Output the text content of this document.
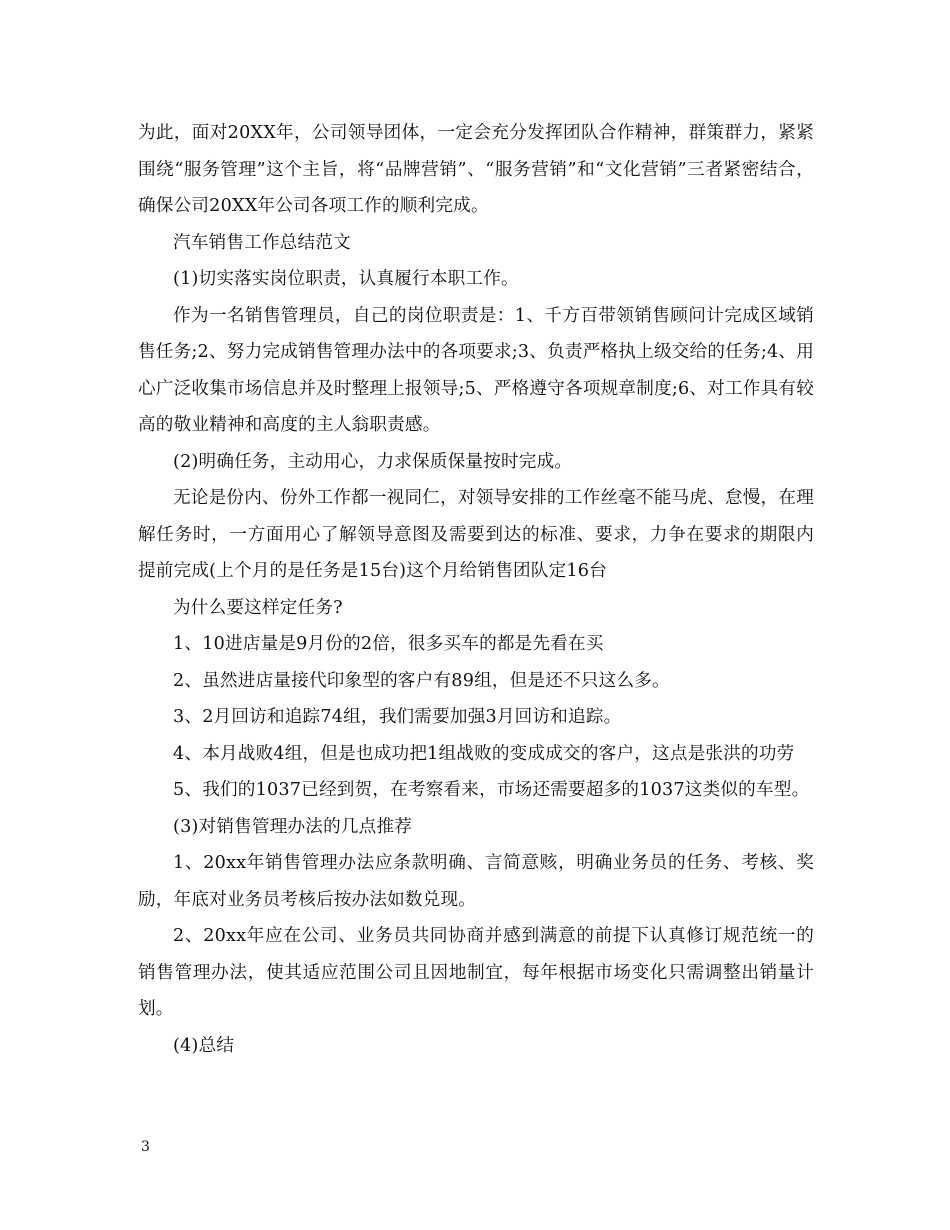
为此，面对20XX年，公司领导团体，一定会充分发挥团队合作精神，群策群力，紧紧围绕“服务管理”这个主旨，将“品牌营销”、“服务营销”和“文化营销”三者紧密结合，确保公司20XX年公司各项工作的顺利完成。

汽车销售工作总结范文

(1)切实落实岗位职责，认真履行本职工作。

作为一名销售管理员，自己的岗位职责是：1、千方百带领销售顾问计完成区域销售任务;2、努力完成销售管理办法中的各项要求;3、负责严格执上级交给的任务;4、用心广泛收集市场信息并及时整理上报领导;5、严格遵守各项规章制度;6、对工作具有较高的敬业精神和高度的主人翁职责感。

(2)明确任务，主动用心，力求保质保量按时完成。

无论是份内、份外工作都一视同仁，对领导安排的工作丝毫不能马虎、怠慢，在理解任务时，一方面用心了解领导意图及需要到达的标准、要求，力争在要求的期限内提前完成(上个月的是任务是15台)这个月给销售团队定16台

为什么要这样定任务?

1、10进店量是9月份的2倍，很多买车的都是先看在买

2、虽然进店量接代印象型的客户有89组，但是还不只这么多。

3、2月回访和追踪74组，我们需要加强3月回访和追踪。

4、本月战败4组，但是也成功把1组战败的变成成交的客户，这点是张洪的功劳

5、我们的1037已经到贺，在考察看来，市场还需要超多的1037这类似的车型。

(3)对销售管理办法的几点推荐

1、20xx年销售管理办法应条款明确、言简意赅，明确业务员的任务、考核、奖励，年底对业务员考核后按办法如数兑现。

2、20xx年应在公司、业务员共同协商并感到满意的前提下认真修订规范统一的销售管理办法，使其适应范围公司且因地制宜，每年根据市场变化只需调整出销量计划。

(4)总结

3
